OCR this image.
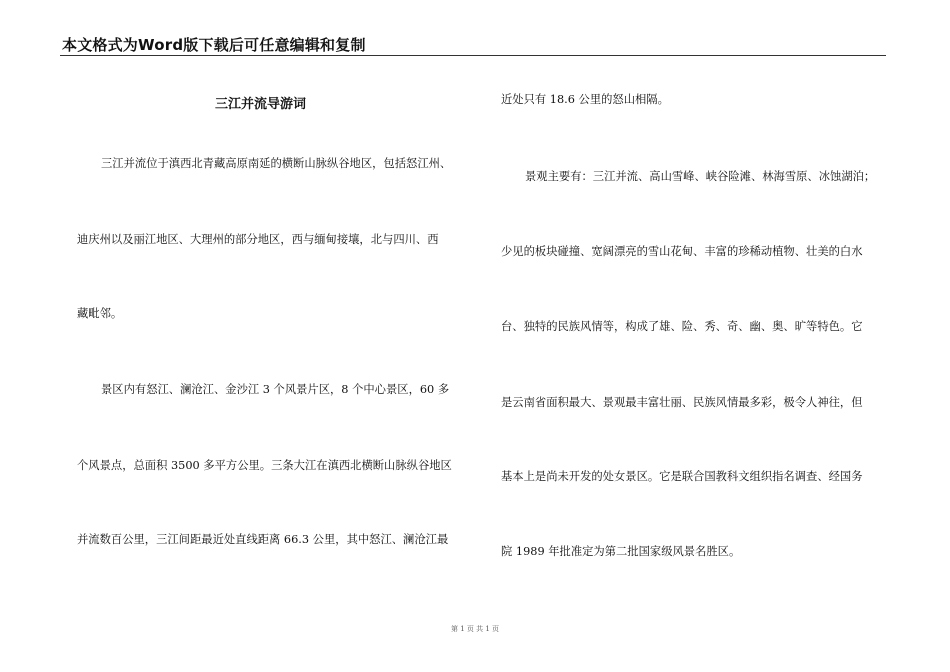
本文格式为Word版下载后可任意编辑和复制
三江并流导游词
三江并流位于滇西北青藏高原南延的横断山脉纵谷地区，包括怒江州、
迪庆州以及丽江地区、大理州的部分地区，西与缅甸接壤，北与四川、西
藏毗邻。
景区内有怒江、澜沧江、金沙江 3 个风景片区，8 个中心景区，60 多
个风景点，总面积 3500 多平方公里。三条大江在滇西北横断山脉纵谷地区
并流数百公里，三江间距最近处直线距离 66.3 公里，其中怒江、澜沧江最
近处只有 18.6 公里的怒山相隔。
景观主要有：三江并流、高山雪峰、峡谷险滩、林海雪原、冰蚀湖泊；
少见的板块碰撞、宽阔漂亮的雪山花甸、丰富的珍稀动植物、壮美的白水
台、独特的民族风情等，构成了雄、险、秀、奇、幽、奥、旷等特色。它
是云南省面积最大、景观最丰富壮丽、民族风情最多彩，极令人神往，但
基本上是尚未开发的处女景区。它是联合国教科文组织指名调查、经国务
院 1989 年批准定为第二批国家级风景名胜区。
第 1 页 共 1 页
